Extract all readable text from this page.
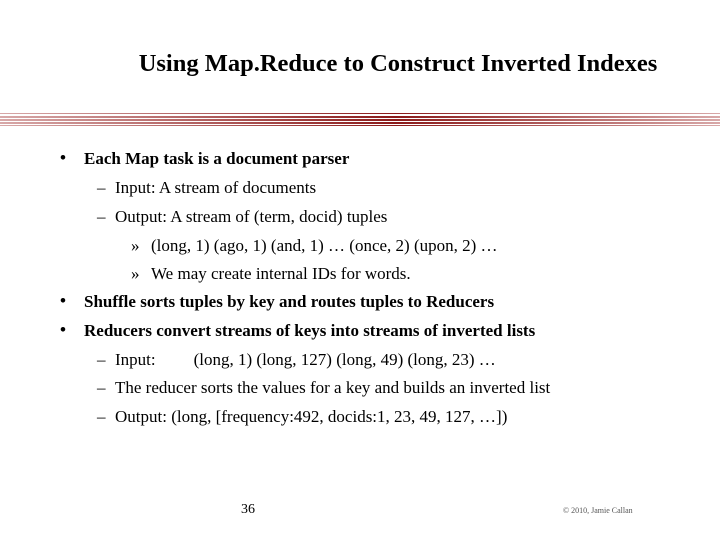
Using Map.Reduce to Construct Inverted Indexes
• Each Map task is a document parser
– Input: A stream of documents
– Output: A stream of (term, docid) tuples
» (long, 1) (ago, 1) (and, 1) … (once, 2) (upon, 2) …
» We may create internal IDs for words.
• Shuffle sorts tuples by key and routes tuples to Reducers
• Reducers convert streams of keys into streams of inverted lists
– Input: (long, 1) (long, 127) (long, 49) (long, 23) …
– The reducer sorts the values for a key and builds an inverted list
– Output: (long, [frequency:492, docids:1, 23, 49, 127, …])
36	© 2010, Jamie Callan
